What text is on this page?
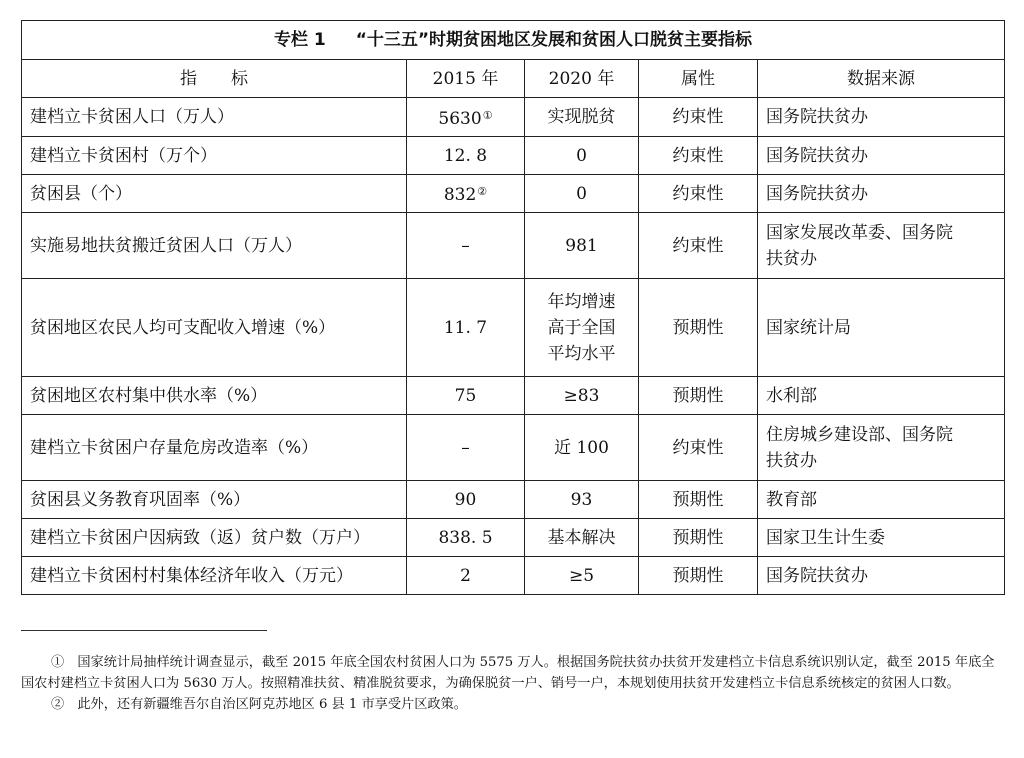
专栏 1 “十三五”时期贫困地区发展和贫困人口脱贫主要指标				
指　　标	2015 年	2020 年	属性	数据来源
建档立卡贫困人口（万人）	5630①	实现脱贫	约束性	国务院扶贫办
建档立卡贫困村（万个）	12. 8	0	约束性	国务院扶贫办
贫困县（个）	832②	0	约束性	国务院扶贫办
实施易地扶贫搬迁贫困人口（万人）	–	981	约束性	国家发展改革委、国务院
扶贫办
贫困地区农民人均可支配收入增速（%）	11. 7	年均增速
高于全国
平均水平	预期性	国家统计局
贫困地区农村集中供水率（%）	75	≥83	预期性	水利部
建档立卡贫困户存量危房改造率（%）	–	近 100	约束性	住房城乡建设部、国务院
扶贫办
贫困县义务教育巩固率（%）	90	93	预期性	教育部
建档立卡贫困户因病致（返）贫户数（万户）	838. 5	基本解决	预期性	国家卫生计生委
建档立卡贫困村村集体经济年收入（万元）	2	≥5	预期性	国务院扶贫办

①　国家统计局抽样统计调查显示，截至 2015 年底全国农村贫困人口为 5575 万人。根据国务院扶贫办扶贫开发建档立卡信息系统识别认定，截至 2015 年底全国农村建档立卡贫困人口为 5630 万人。按照精准扶贫、精准脱贫要求，为确保脱贫一户、销号一户，本规划使用扶贫开发建档立卡信息系统核定的贫困人口数。

②　此外，还有新疆维吾尔自治区阿克苏地区 6 县 1 市享受片区政策。
